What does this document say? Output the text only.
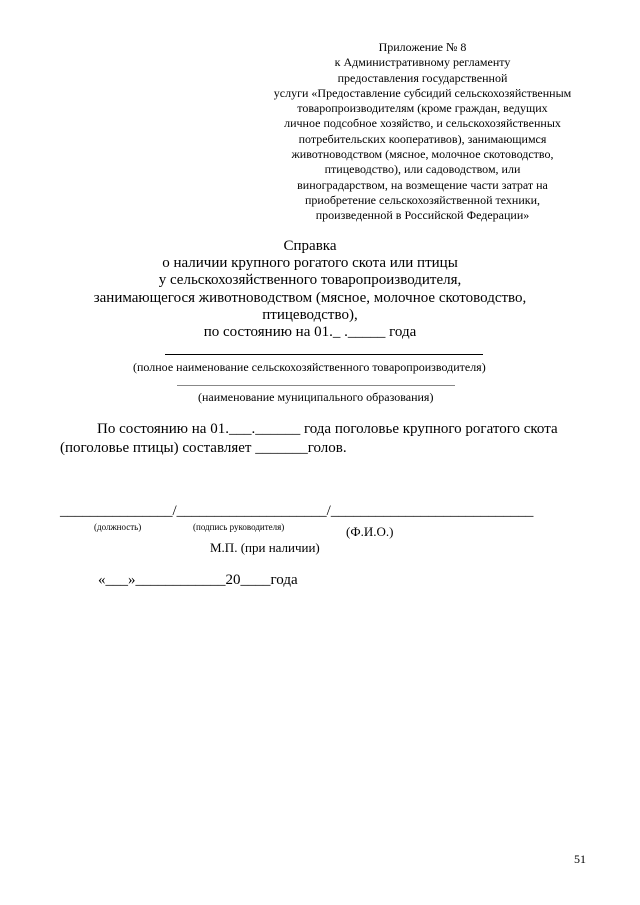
Приложение № 8
к Административному регламенту
предоставления государственной
услуги «Предоставление субсидий сельскохозяйственным
товаропроизводителям (кроме граждан, ведущих
личное подсобное хозяйство, и сельскохозяйственных
потребительских кооперативов), занимающимся
животноводством (мясное, молочное скотоводство,
птицеводство), или садоводством, или
виноградарством, на возмещение части затрат на
приобретение сельскохозяйственной техники,
произведенной в Российской Федерации»
Справка
о наличии крупного рогатого скота или птицы
у сельскохозяйственного товаропроизводителя,
занимающегося животноводством (мясное, молочное скотоводство,
птицеводство),
по состоянию на 01._ ._____ года
(полное наименование сельскохозяйственного товаропроизводителя)
(наименование муниципального образования)
По состоянию на 01.___.______ года поголовье крупного рогатого скота
(поголовье птицы) составляет _______голов.
_______________/____________________/___________________________
(должность)	(подпись руководителя)	(Ф.И.О.)
М.П. (при наличии)
«___»____________20____года
51
